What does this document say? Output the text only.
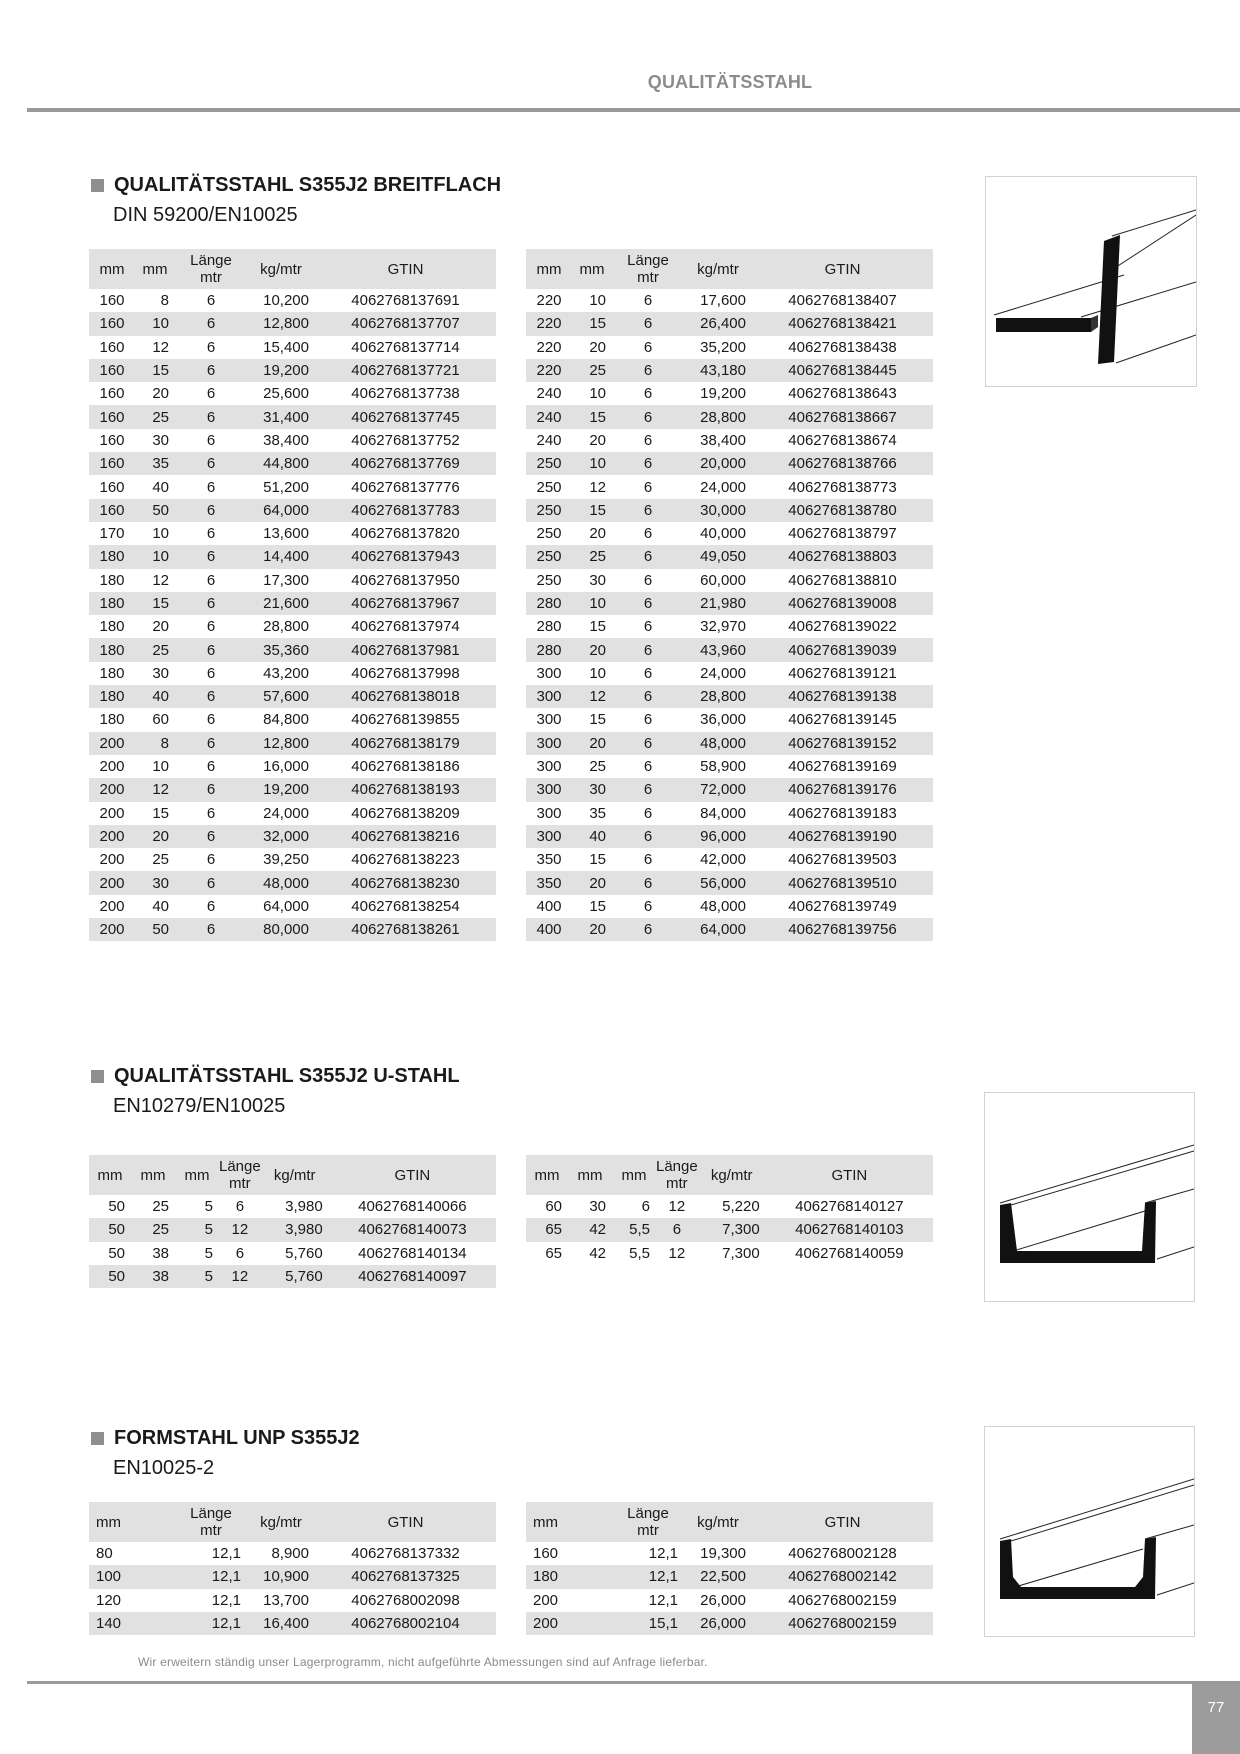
QUALITÄTSSTAHL
QUALITÄTSSTAHL S355J2 BREITFLACH
DIN 59200/EN10025
mm	mm	Länge
mtr	kg/mtr	GTIN
160	8	6	10,200	4062768137691
160	10	6	12,800	4062768137707
160	12	6	15,400	4062768137714
160	15	6	19,200	4062768137721
160	20	6	25,600	4062768137738
160	25	6	31,400	4062768137745
160	30	6	38,400	4062768137752
160	35	6	44,800	4062768137769
160	40	6	51,200	4062768137776
160	50	6	64,000	4062768137783
170	10	6	13,600	4062768137820
180	10	6	14,400	4062768137943
180	12	6	17,300	4062768137950
180	15	6	21,600	4062768137967
180	20	6	28,800	4062768137974
180	25	6	35,360	4062768137981
180	30	6	43,200	4062768137998
180	40	6	57,600	4062768138018
180	60	6	84,800	4062768139855
200	8	6	12,800	4062768138179
200	10	6	16,000	4062768138186
200	12	6	19,200	4062768138193
200	15	6	24,000	4062768138209
200	20	6	32,000	4062768138216
200	25	6	39,250	4062768138223
200	30	6	48,000	4062768138230
200	40	6	64,000	4062768138254
200	50	6	80,000	4062768138261
mm	mm	Länge
mtr	kg/mtr	GTIN
220	10	6	17,600	4062768138407
220	15	6	26,400	4062768138421
220	20	6	35,200	4062768138438
220	25	6	43,180	4062768138445
240	10	6	19,200	4062768138643
240	15	6	28,800	4062768138667
240	20	6	38,400	4062768138674
250	10	6	20,000	4062768138766
250	12	6	24,000	4062768138773
250	15	6	30,000	4062768138780
250	20	6	40,000	4062768138797
250	25	6	49,050	4062768138803
250	30	6	60,000	4062768138810
280	10	6	21,980	4062768139008
280	15	6	32,970	4062768139022
280	20	6	43,960	4062768139039
300	10	6	24,000	4062768139121
300	12	6	28,800	4062768139138
300	15	6	36,000	4062768139145
300	20	6	48,000	4062768139152
300	25	6	58,900	4062768139169
300	30	6	72,000	4062768139176
300	35	6	84,000	4062768139183
300	40	6	96,000	4062768139190
350	15	6	42,000	4062768139503
350	20	6	56,000	4062768139510
400	15	6	48,000	4062768139749
400	20	6	64,000	4062768139756
QUALITÄTSSTAHL S355J2 U-STAHL
EN10279/EN10025
mm	mm	mm	Länge
mtr	kg/mtr	GTIN
50	25	5	6	3,980	4062768140066
50	25	5	12	3,980	4062768140073
50	38	5	6	5,760	4062768140134
50	38	5	12	5,760	4062768140097
mm	mm	mm	Länge
mtr	kg/mtr	GTIN
60	30	6	12	5,220	4062768140127
65	42	5,5	6	7,300	4062768140103
65	42	5,5	12	7,300	4062768140059
FORMSTAHL UNP S355J2
EN10025-2
mm	Länge
mtr	kg/mtr	GTIN
80	12,1	8,900	4062768137332
100	12,1	10,900	4062768137325
120	12,1	13,700	4062768002098
140	12,1	16,400	4062768002104
mm	Länge
mtr	kg/mtr	GTIN
160	12,1	19,300	4062768002128
180	12,1	22,500	4062768002142
200	12,1	26,000	4062768002159
200	15,1	26,000	4062768002159
Wir erweitern ständig unser Lagerprogramm, nicht aufgeführte Abmessungen sind auf Anfrage lieferbar.
77
